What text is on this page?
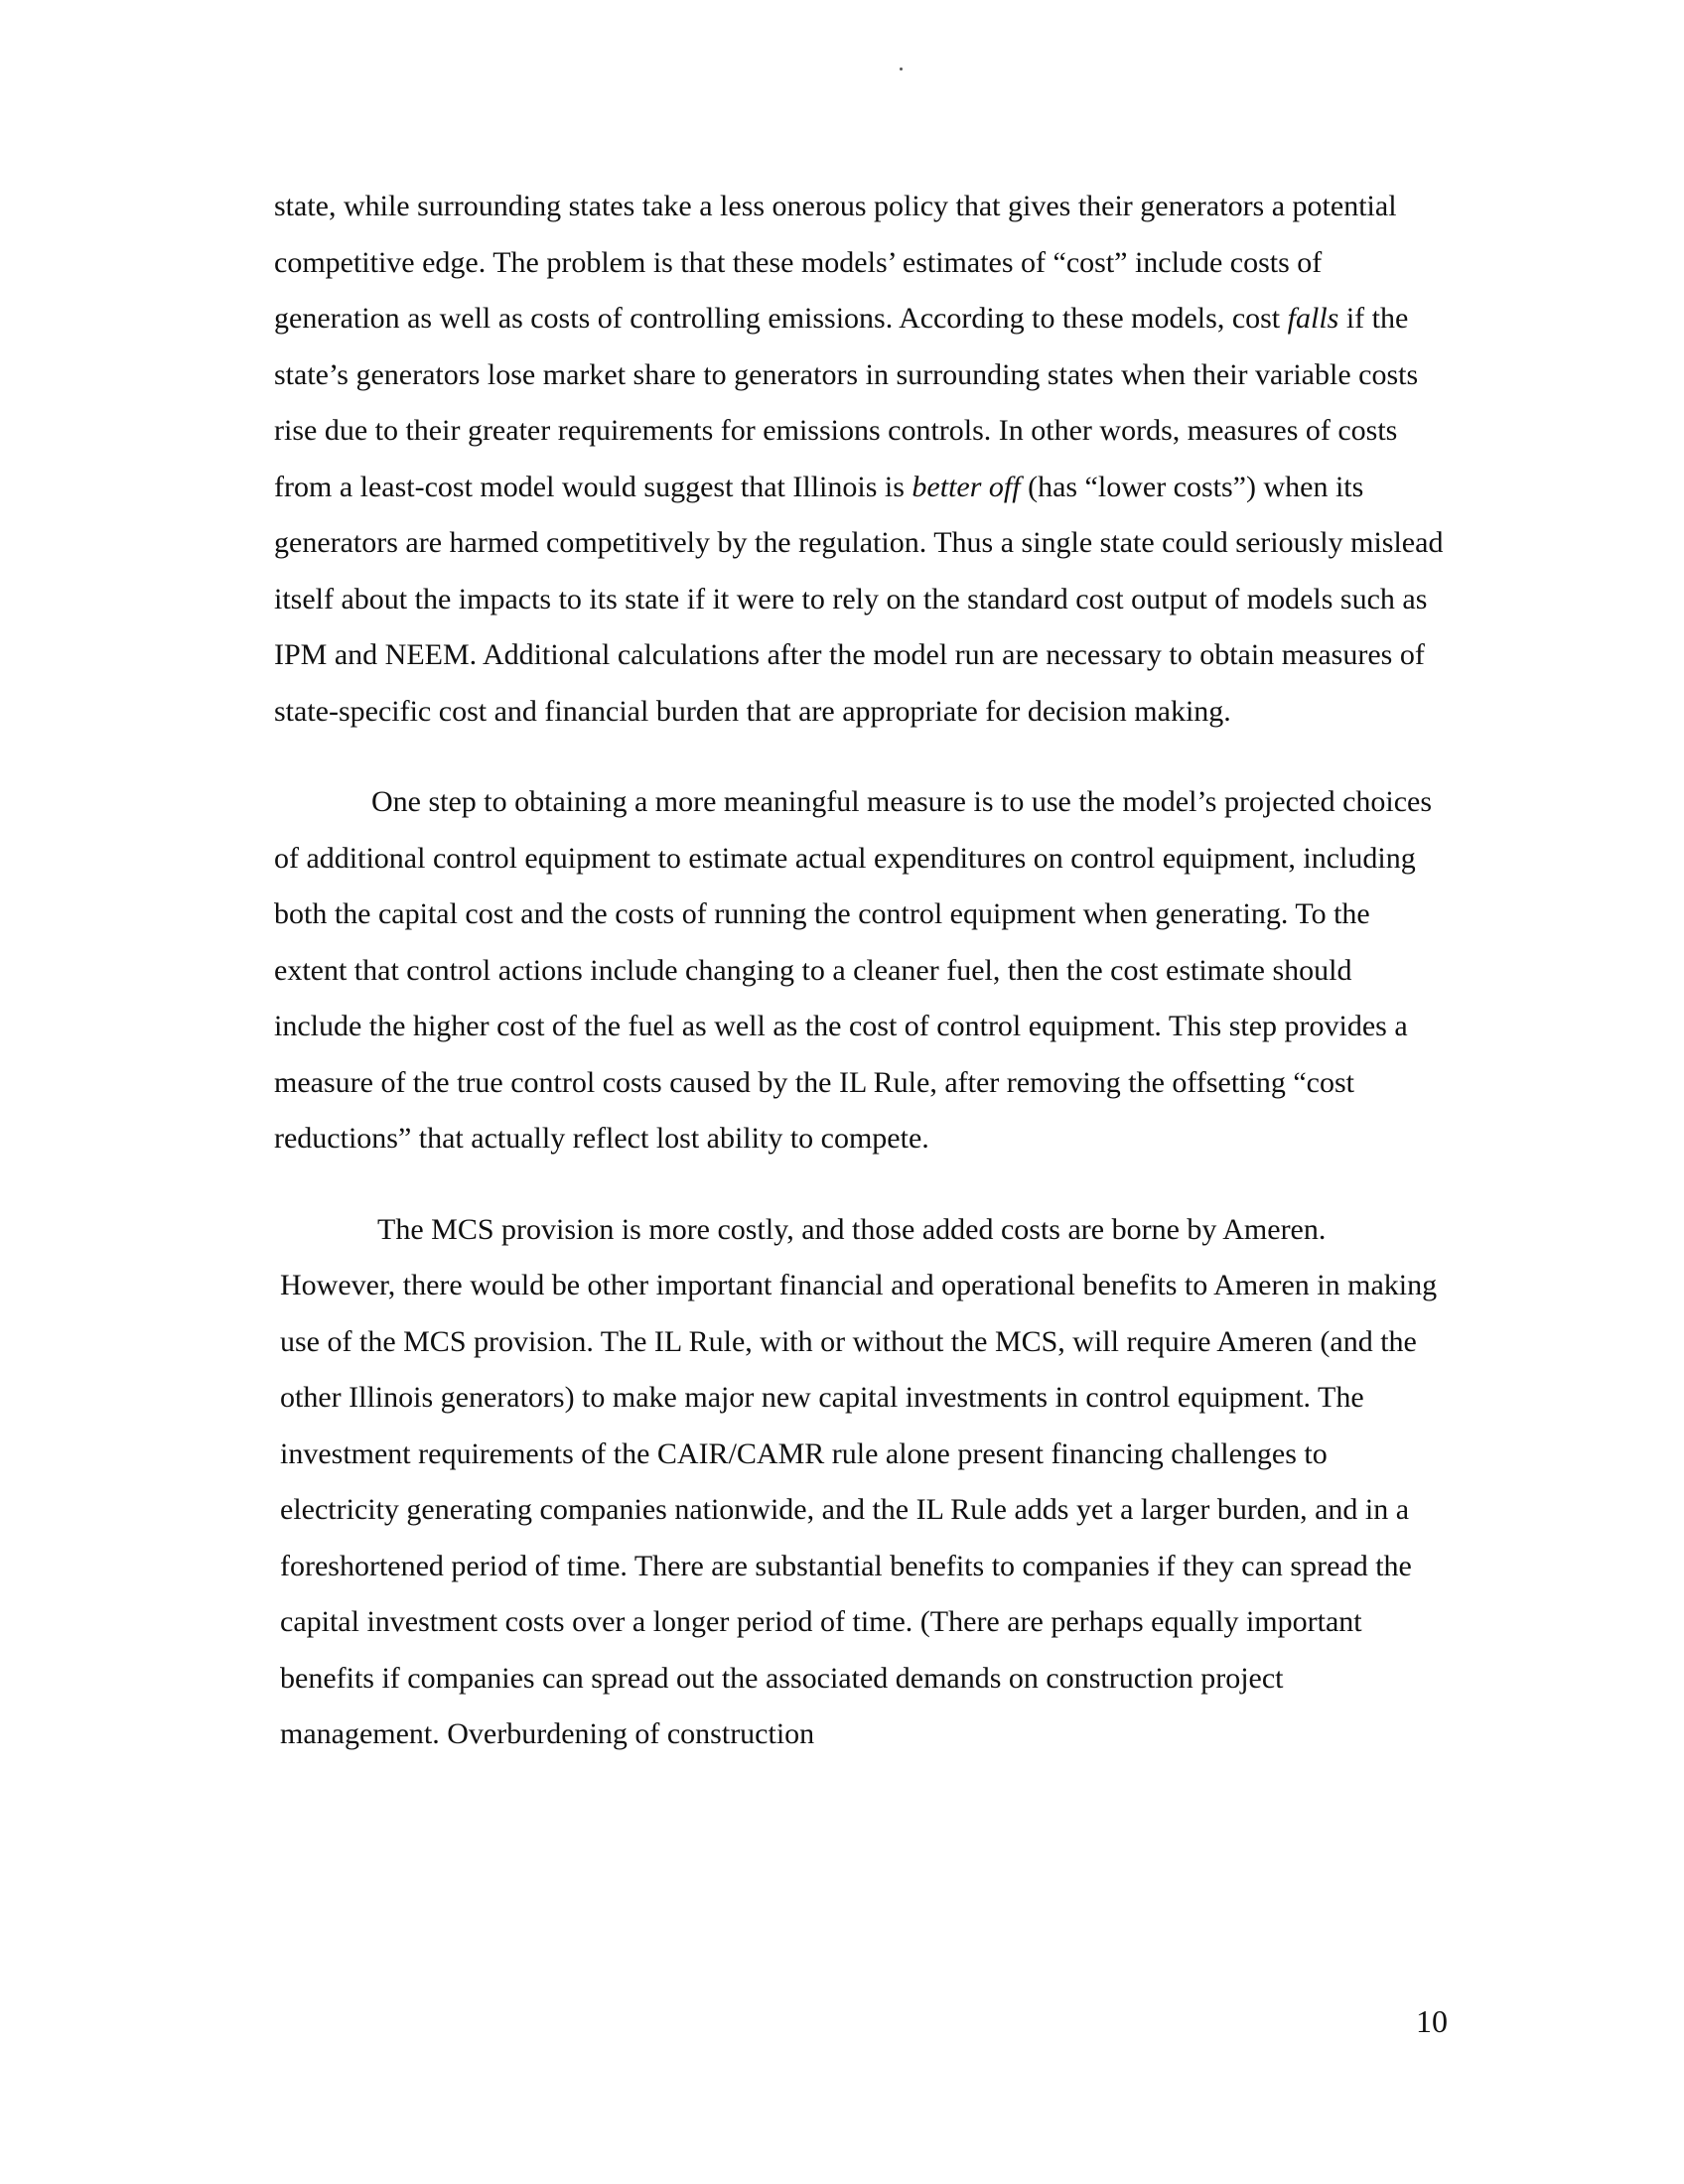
state, while surrounding states take a less onerous policy that gives their generators a potential competitive edge. The problem is that these models’ estimates of “cost” include costs of generation as well as costs of controlling emissions. According to these models, cost falls if the state’s generators lose market share to generators in surrounding states when their variable costs rise due to their greater requirements for emissions controls. In other words, measures of costs from a least-cost model would suggest that Illinois is better off (has “lower costs”) when its generators are harmed competitively by the regulation. Thus a single state could seriously mislead itself about the impacts to its state if it were to rely on the standard cost output of models such as IPM and NEEM. Additional calculations after the model run are necessary to obtain measures of state-specific cost and financial burden that are appropriate for decision making.

One step to obtaining a more meaningful measure is to use the model’s projected choices of additional control equipment to estimate actual expenditures on control equipment, including both the capital cost and the costs of running the control equipment when generating. To the extent that control actions include changing to a cleaner fuel, then the cost estimate should include the higher cost of the fuel as well as the cost of control equipment. This step provides a measure of the true control costs caused by the IL Rule, after removing the offsetting “cost reductions” that actually reflect lost ability to compete.

The MCS provision is more costly, and those added costs are borne by Ameren. However, there would be other important financial and operational benefits to Ameren in making use of the MCS provision. The IL Rule, with or without the MCS, will require Ameren (and the other Illinois generators) to make major new capital investments in control equipment. The investment requirements of the CAIR/CAMR rule alone present financing challenges to electricity generating companies nationwide, and the IL Rule adds yet a larger burden, and in a foreshortened period of time. There are substantial benefits to companies if they can spread the capital investment costs over a longer period of time. (There are perhaps equally important benefits if companies can spread out the associated demands on construction project management. Overburdening of construction

10
